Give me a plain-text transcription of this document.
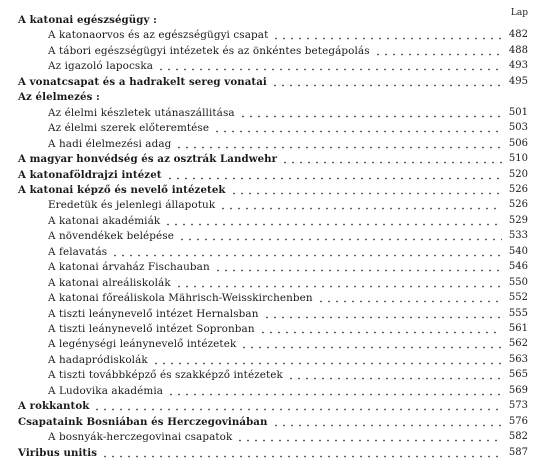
Lap
A katonai egészségügy :
A katonaorvos és az egészségügyi csapat	482
A tábori egészségügyi intézetek és az önkéntes betegápolás	488
Az igazoló lapocska	493
A vonatcsapat és a hadrakelt sereg vonatai	495
Az élelmezés :
Az élelmi készletek utánaszállitása	501
Az élelmi szerek előteremtése	503
A hadi élelmezési adag	506
A magyar honvédség és az osztrák Landwehr	510
A katonaföldrajzi intézet	520
A katonai képző és nevelő intézetek	526
Eredetük és jelenlegi állapotuk	526
A katonai akadémiák	529
A növendékek belépése	533
A felavatás	540
A katonai árvaház Fischauban	546
A katonai alreáliskolák	550
A katonai főreáliskola Mährisch-Weisskirchenben	552
A tiszti leánynevelő intézet Hernalsban	555
A tiszti leánynevelő intézet Sopronban	561
A legénységi leánynevelő intézetek	562
A hadapródiskolák	563
A tiszti továbbképző és szakképző intézetek	565
A Ludovika akadémia	569
A rokkantok	573
Csapataink Bosniában és Herczegovinában	576
A bosnyák-herczegovinai csapatok	582
Viribus unitis	587
